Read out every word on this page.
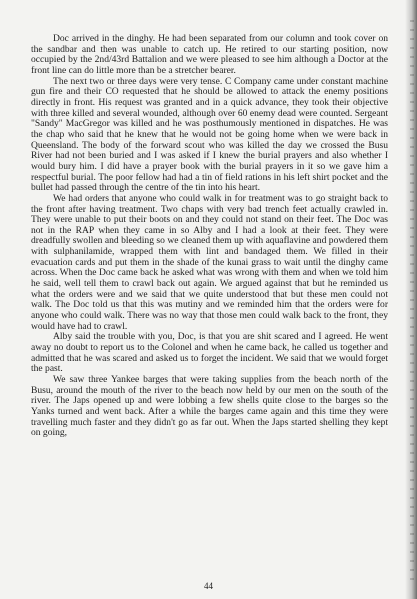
Doc arrived in the dinghy. He had been separated from our column and took cover on the sandbar and then was unable to catch up. He retired to our starting position, now occupied by the 2nd/43rd Battalion and we were pleased to see him although a Doctor at the front line can do little more than be a stretcher bearer.

The next two or three days were very tense. C Company came under constant machine gun fire and their CO requested that he should be allowed to attack the enemy positions directly in front. His request was granted and in a quick advance, they took their objective with three killed and several wounded, although over 60 enemy dead were counted. Sergeant "Sandy" MacGregor was killed and he was posthumously mentioned in dispatches. He was the chap who said that he knew that he would not be going home when we were back in Queensland. The body of the forward scout who was killed the day we crossed the Busu River had not been buried and I was asked if I knew the burial prayers and also whether I would bury him. I did have a prayer book with the burial prayers in it so we gave him a respectful burial. The poor fellow had had a tin of field rations in his left shirt pocket and the bullet had passed through the centre of the tin into his heart.

We had orders that anyone who could walk in for treatment was to go straight back to the front after having treatment. Two chaps with very bad trench feet actually crawled in. They were unable to put their boots on and they could not stand on their feet. The Doc was not in the RAP when they came in so Alby and I had a look at their feet. They were dreadfully swollen and bleeding so we cleaned them up with aquaflavine and powdered them with sulphanilamide, wrapped them with lint and bandaged them. We filled in their evacuation cards and put them in the shade of the kunai grass to wait until the dinghy came across. When the Doc came back he asked what was wrong with them and when we told him he said, well tell them to crawl back out again. We argued against that but he reminded us what the orders were and we said that we quite understood that but these men could not walk. The Doc told us that this was mutiny and we reminded him that the orders were for anyone who could walk. There was no way that those men could walk back to the front, they would have had to crawl.

Alby said the trouble with you, Doc, is that you are shit scared and I agreed. He went away no doubt to report us to the Colonel and when he came back, he called us together and admitted that he was scared and asked us to forget the incident. We said that we would forget the past.

We saw three Yankee barges that were taking supplies from the beach north of the Busu, around the mouth of the river to the beach now held by our men on the south of the river. The Japs opened up and were lobbing a few shells quite close to the barges so the Yanks turned and went back. After a while the barges came again and this time they were travelling much faster and they didn't go as far out. When the Japs started shelling they kept on going,

44
